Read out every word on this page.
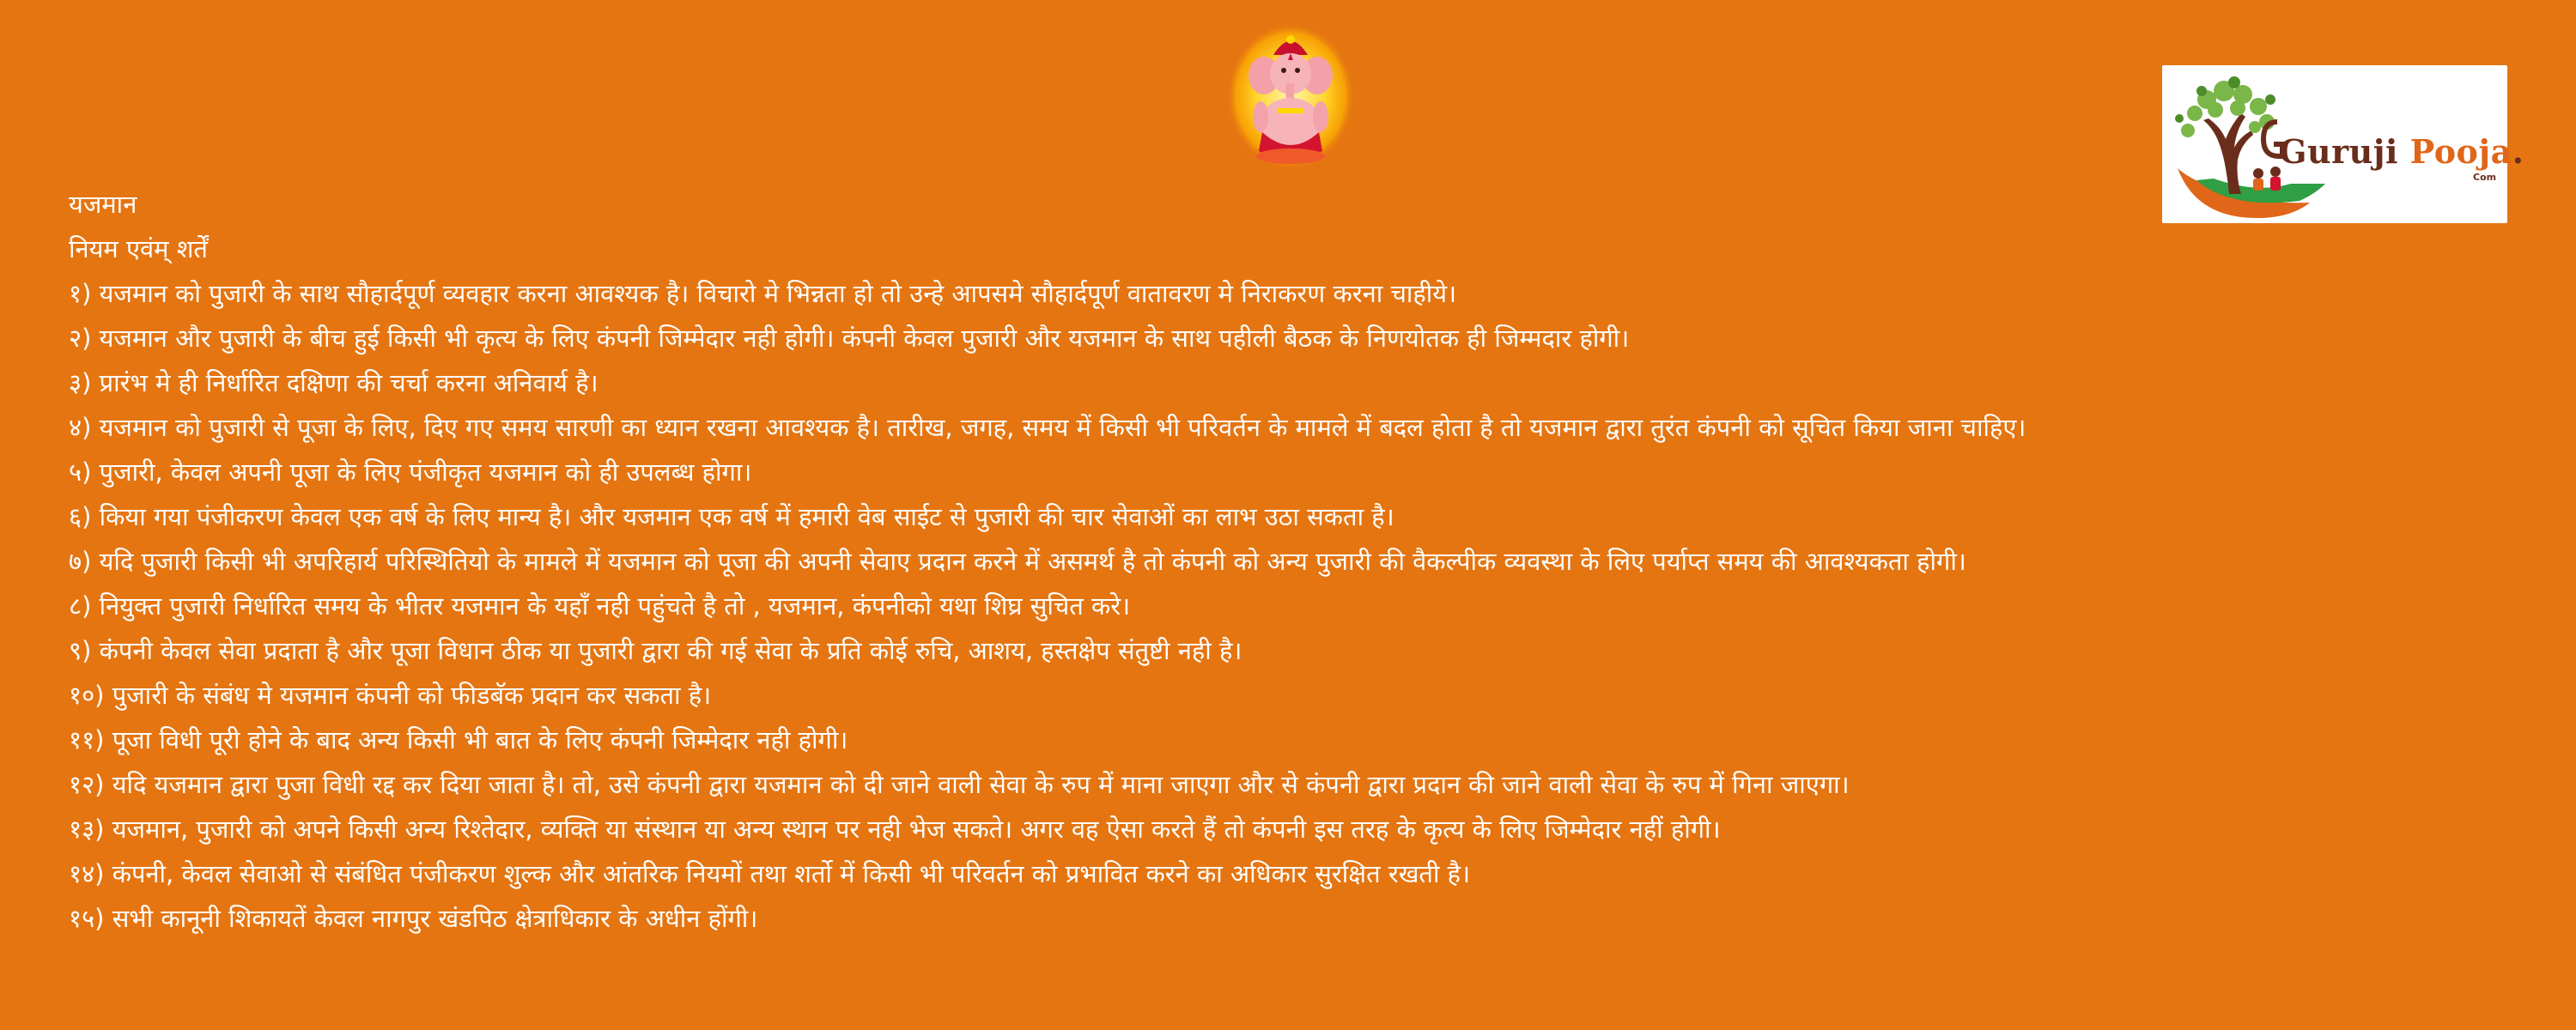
Guruji Pooja.
Com
यजमान
नियम एवंम् शर्तें
१) यजमान को पुजारी के साथ सौहार्दपूर्ण व्यवहार करना आवश्यक है। विचारो मे भिन्नता हो तो उन्हे आपसमे सौहार्दपूर्ण वातावरण मे निराकरण करना चाहीये।
२) यजमान और पुजारी के बीच हुई किसी भी कृत्य के लिए कंपनी जिम्मेदार नही होगी। कंपनी केवल पुजारी और यजमान के साथ पहीली बैठक के निणयोतक ही जिम्मदार होगी।
३) प्रारंभ मे ही निर्धारित दक्षिणा की चर्चा करना अनिवार्य है।
४) यजमान को पुजारी से पूजा के लिए, दिए गए समय सारणी का ध्यान रखना आवश्यक है। तारीख, जगह, समय में किसी भी परिवर्तन के मामले में बदल होता है तो यजमान द्वारा तुरंत कंपनी को सूचित किया जाना चाहिए।
५) पुजारी, केवल अपनी पूजा के लिए पंजीकृत यजमान को ही उपलब्ध होगा।
६) किया गया पंजीकरण केवल एक वर्ष के लिए मान्य है। और यजमान एक वर्ष में हमारी वेब साईट से पुजारी की चार सेवाओं का लाभ उठा सकता है।
७) यदि पुजारी किसी भी अपरिहार्य परिस्थितियो के मामले में यजमान को पूजा की अपनी सेवाए प्रदान करने में असमर्थ है तो कंपनी को अन्य पुजारी की वैकल्पीक व्यवस्था के लिए पर्याप्त समय की आवश्यकता होगी।
८) नियुक्त पुजारी निर्धारित समय के भीतर यजमान के यहाँ नही पहुंचते है तो , यजमान, कंपनीको यथा शिघ्र सुचित करे।
९) कंपनी केवल सेवा प्रदाता है और पूजा विधान ठीक या पुजारी द्वारा की गई सेवा के प्रति कोई रुचि, आशय, हस्तक्षेप संतुष्टी नही है।
१०) पुजारी के संबंध मे यजमान कंपनी को फीडबॅक प्रदान कर सकता है।
११) पूजा विधी पूरी होने के बाद अन्य किसी भी बात के लिए कंपनी जिम्मेदार नही होगी।
१२) यदि यजमान द्वारा पुजा विधी रद्द कर दिया जाता है। तो, उसे कंपनी द्वारा यजमान को दी जाने वाली सेवा के रुप में माना जाएगा और से कंपनी द्वारा प्रदान की जाने वाली सेवा के रुप में गिना जाएगा।
१३) यजमान, पुजारी को अपने किसी अन्य रिश्तेदार, व्यक्ति या संस्थान या अन्य स्थान पर नही भेज सकते। अगर वह ऐसा करते हैं तो कंपनी इस तरह के कृत्य के लिए जिम्मेदार नहीं होगी।
१४) कंपनी, केवल सेवाओ से संबंधित पंजीकरण शुल्क और आंतरिक नियमों तथा शर्तो में किसी भी परिवर्तन को प्रभावित करने का अधिकार सुरक्षित रखती है।
१५) सभी कानूनी शिकायतें केवल नागपुर खंडपिठ क्षेत्राधिकार के अधीन होंगी।
